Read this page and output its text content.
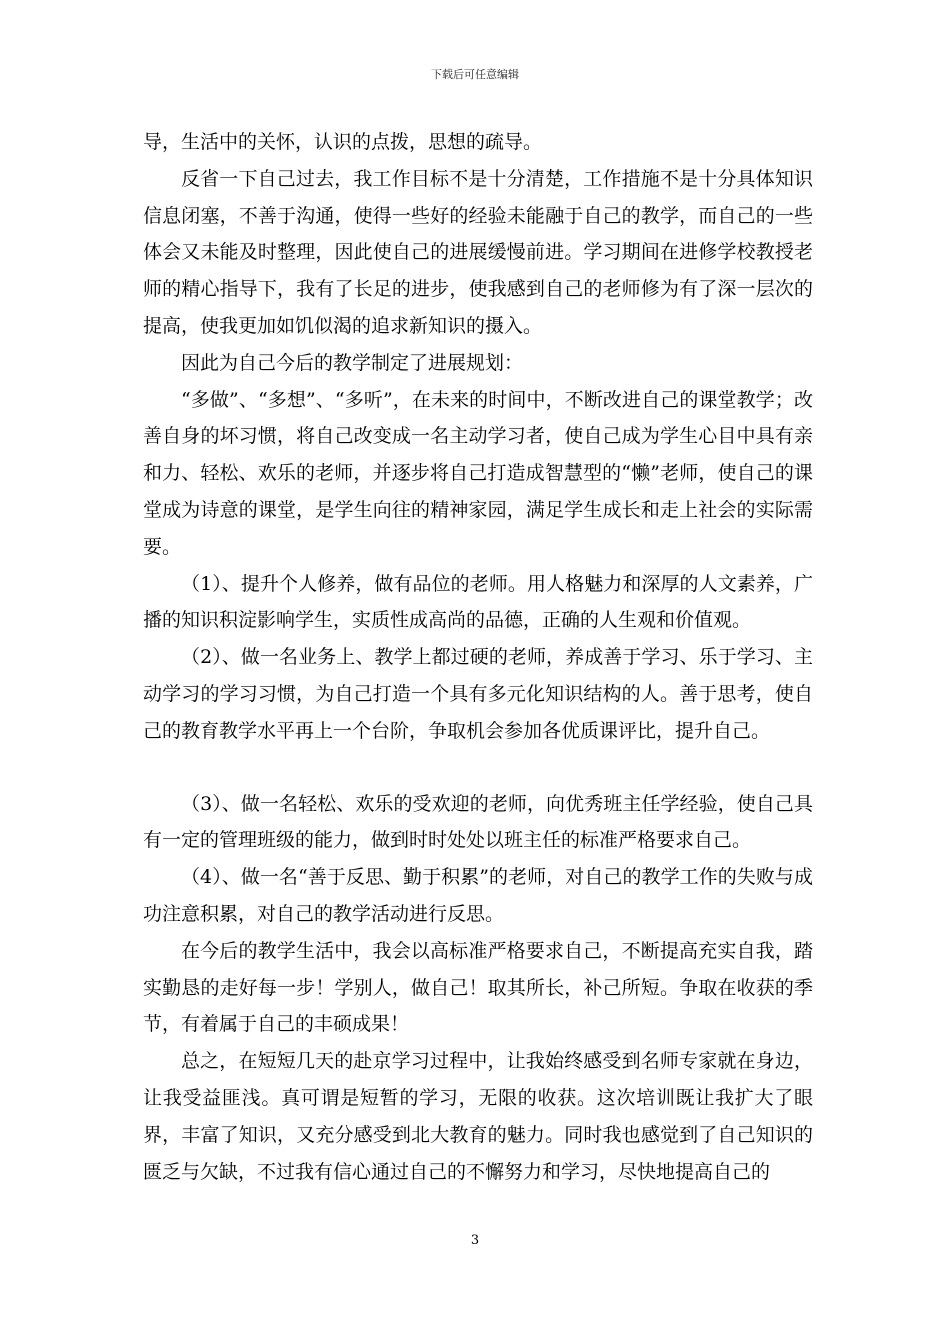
下载后可任意编辑

导，生活中的关怀，认识的点拨，思想的疏导。

反省一下自己过去，我工作目标不是十分清楚，工作措施不是十分具体知识信息闭塞，不善于沟通，使得一些好的经验未能融于自己的教学，而自己的一些体会又未能及时整理，因此使自己的进展缓慢前进。学习期间在进修学校教授老师的精心指导下，我有了长足的进步，使我感到自己的老师修为有了深一层次的提高，使我更加如饥似渴的追求新知识的摄入。

因此为自己今后的教学制定了进展规划：

“多做”、“多想”、“多听”，在未来的时间中，不断改进自己的课堂教学；改善自身的坏习惯，将自己改变成一名主动学习者，使自己成为学生心目中具有亲和力、轻松、欢乐的老师，并逐步将自己打造成智慧型的“懒”老师，使自己的课堂成为诗意的课堂，是学生向往的精神家园，满足学生成长和走上社会的实际需要。

（1）、提升个人修养，做有品位的老师。用人格魅力和深厚的人文素养，广播的知识积淀影响学生，实质性成高尚的品德，正确的人生观和价值观。

（2）、做一名业务上、教学上都过硬的老师，养成善于学习、乐于学习、主动学习的学习习惯，为自己打造一个具有多元化知识结构的人。善于思考，使自己的教育教学水平再上一个台阶，争取机会参加各优质课评比，提升自己。

（3）、做一名轻松、欢乐的受欢迎的老师，向优秀班主任学经验，使自己具有一定的管理班级的能力，做到时时处处以班主任的标准严格要求自己。

（4）、做一名“善于反思、勤于积累”的老师，对自己的教学工作的失败与成功注意积累，对自己的教学活动进行反思。

在今后的教学生活中，我会以高标准严格要求自己，不断提高充实自我，踏实勤恳的走好每一步！学别人，做自己！取其所长，补己所短。争取在收获的季节，有着属于自己的丰硕成果！

总之，在短短几天的赴京学习过程中，让我始终感受到名师专家就在身边，让我受益匪浅。真可谓是短暂的学习，无限的收获。这次培训既让我扩大了眼界，丰富了知识，又充分感受到北大教育的魅力。同时我也感觉到了自己知识的匮乏与欠缺，不过我有信心通过自己的不懈努力和学习，尽快地提高自己的

3
